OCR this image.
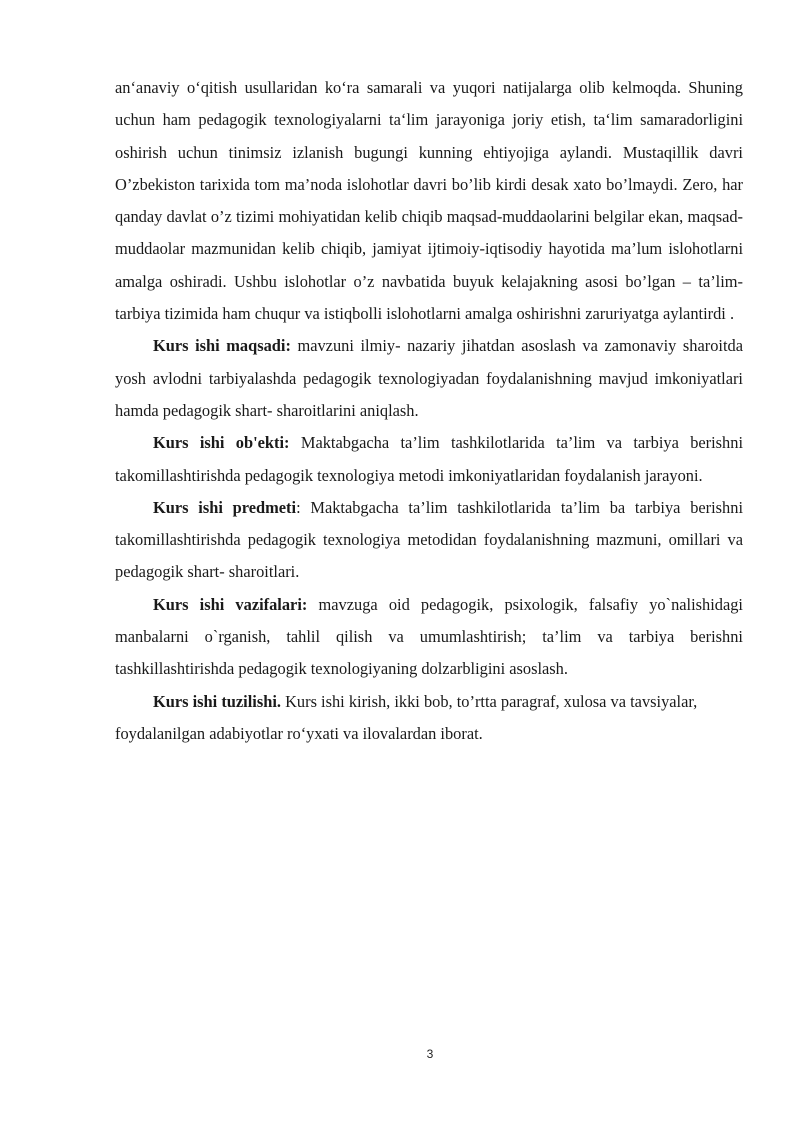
an‘anaviy o‘qitish usullaridan ko‘ra samarali va yuqori natijalarga olib kelmoqda. Shuning uchun ham pedagogik texnologiyalarni ta‘lim jarayoniga joriy etish, ta‘lim samaradorligini oshirish uchun tinimsiz izlanish bugungi kunning ehtiyojiga aylandi. Mustaqillik davri O’zbekiston tarixida tom ma’noda islohotlar davri bo’lib kirdi desak xato bo’lmaydi. Zero, har qanday davlat o’z tizimi mohiyatidan kelib chiqib maqsad-muddaolarini belgilar ekan, maqsad-muddaolar mazmunidan kelib chiqib, jamiyat ijtimoiy-iqtisodiy hayotida ma’lum islohotlarni amalga oshiradi. Ushbu islohotlar o’z navbatida buyuk kelajakning asosi bo’lgan – ta’lim-tarbiya tizimida ham chuqur va istiqbolli islohotlarni amalga oshirishni zaruriyatga aylantirdi .

Kurs ishi maqsadi: mavzuni ilmiy- nazariy jihatdan asoslash va zamonaviy sharoitda yosh avlodni tarbiyalashda pedagogik texnologiyadan foydalanishning mavjud imkoniyatlari hamda pedagogik shart- sharoitlarini aniqlash.

Kurs ishi ob'ekti: Maktabgacha ta’lim tashkilotlarida ta’lim va tarbiya berishni takomillashtirishda pedagogik texnologiya metodi imkoniyatlaridan foydalanish jarayoni.

Kurs ishi predmeti: Maktabgacha ta’lim tashkilotlarida ta’lim ba tarbiya berishni takomillashtirishda pedagogik texnologiya metodidan foydalanishning mazmuni, omillari va pedagogik shart- sharoitlari.

Kurs ishi vazifalari: mavzuga oid pedagogik, psixologik, falsafiy yo`nalishidagi manbalarni o`rganish, tahlil qilish va umumlashtirish; ta’lim va tarbiya berishni tashkillashtirishda pedagogik texnologiyaning dolzarbligini asoslash.

Kurs ishi tuzilishi. Kurs ishi kirish, ikki bob, to’rtta paragraf, xulosa va tavsiyalar, foydalanilgan adabiyotlar ro‘yxati va ilovalardan iborat.

3
